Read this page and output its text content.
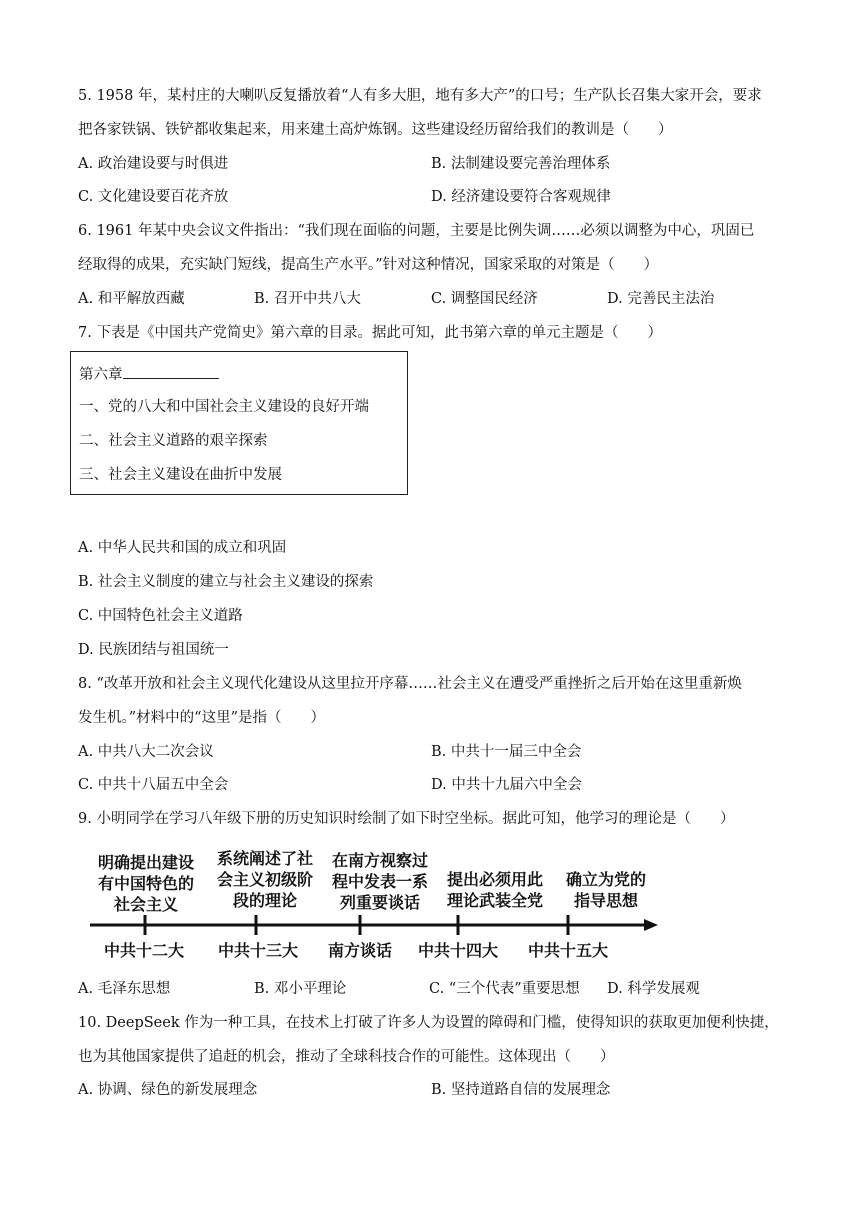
5. 1958 年，某村庄的大喇叭反复播放着“人有多大胆，地有多大产”的口号；生产队长召集大家开会，要求
把各家铁锅、铁铲都收集起来，用来建土高炉炼钢。这些建设经历留给我们的教训是（　　）
A. 政治建设要与时俱进	B. 法制建设要完善治理体系
C. 文化建设要百花齐放	D. 经济建设要符合客观规律
6. 1961 年某中央会议文件指出：“我们现在面临的问题，主要是比例失调……必须以调整为中心，巩固已
经取得的成果，充实缺门短线，提高生产水平。”针对这种情况，国家采取的对策是（　　）
A. 和平解放西藏	B. 召开中共八大	C. 调整国民经济	D. 完善民主法治
7. 下表是《中国共产党简史》第六章的目录。据此可知，此书第六章的单元主题是（　　）
第六章
一、党的八大和中国社会主义建设的良好开端
二、社会主义道路的艰辛探索
三、社会主义建设在曲折中发展
A. 中华人民共和国的成立和巩固
B. 社会主义制度的建立与社会主义建设的探索
C. 中国特色社会主义道路
D. 民族团结与祖国统一
8. “改革开放和社会主义现代化建设从这里拉开序幕……社会主义在遭受严重挫折之后开始在这里重新焕
发生机。”材料中的“这里”是指（　　）
A. 中共八大二次会议	B. 中共十一届三中全会
C. 中共十八届五中全会	D. 中共十九届六中全会
9. 小明同学在学习八年级下册的历史知识时绘制了如下时空坐标。据此可知，他学习的理论是（　　）
明确提出建设
有中国特色的
社会主义
系统阐述了社
会主义初级阶
段的理论
在南方视察过
程中发表一系
列重要谈话
提出必须用此
理论武装全党
确立为党的
指导思想
中共十二大 中共十三大 南方谈话 中共十四大 中共十五大
A. 毛泽东思想	B. 邓小平理论	C. “三个代表”重要思想 D. 科学发展观
10. DeepSeek 作为一种工具，在技术上打破了许多人为设置的障碍和门槛，使得知识的获取更加便利快捷，
也为其他国家提供了追赶的机会，推动了全球科技合作的可能性。这体现出（　　）
A. 协调、绿色的新发展理念	B. 坚持道路自信的发展理念
